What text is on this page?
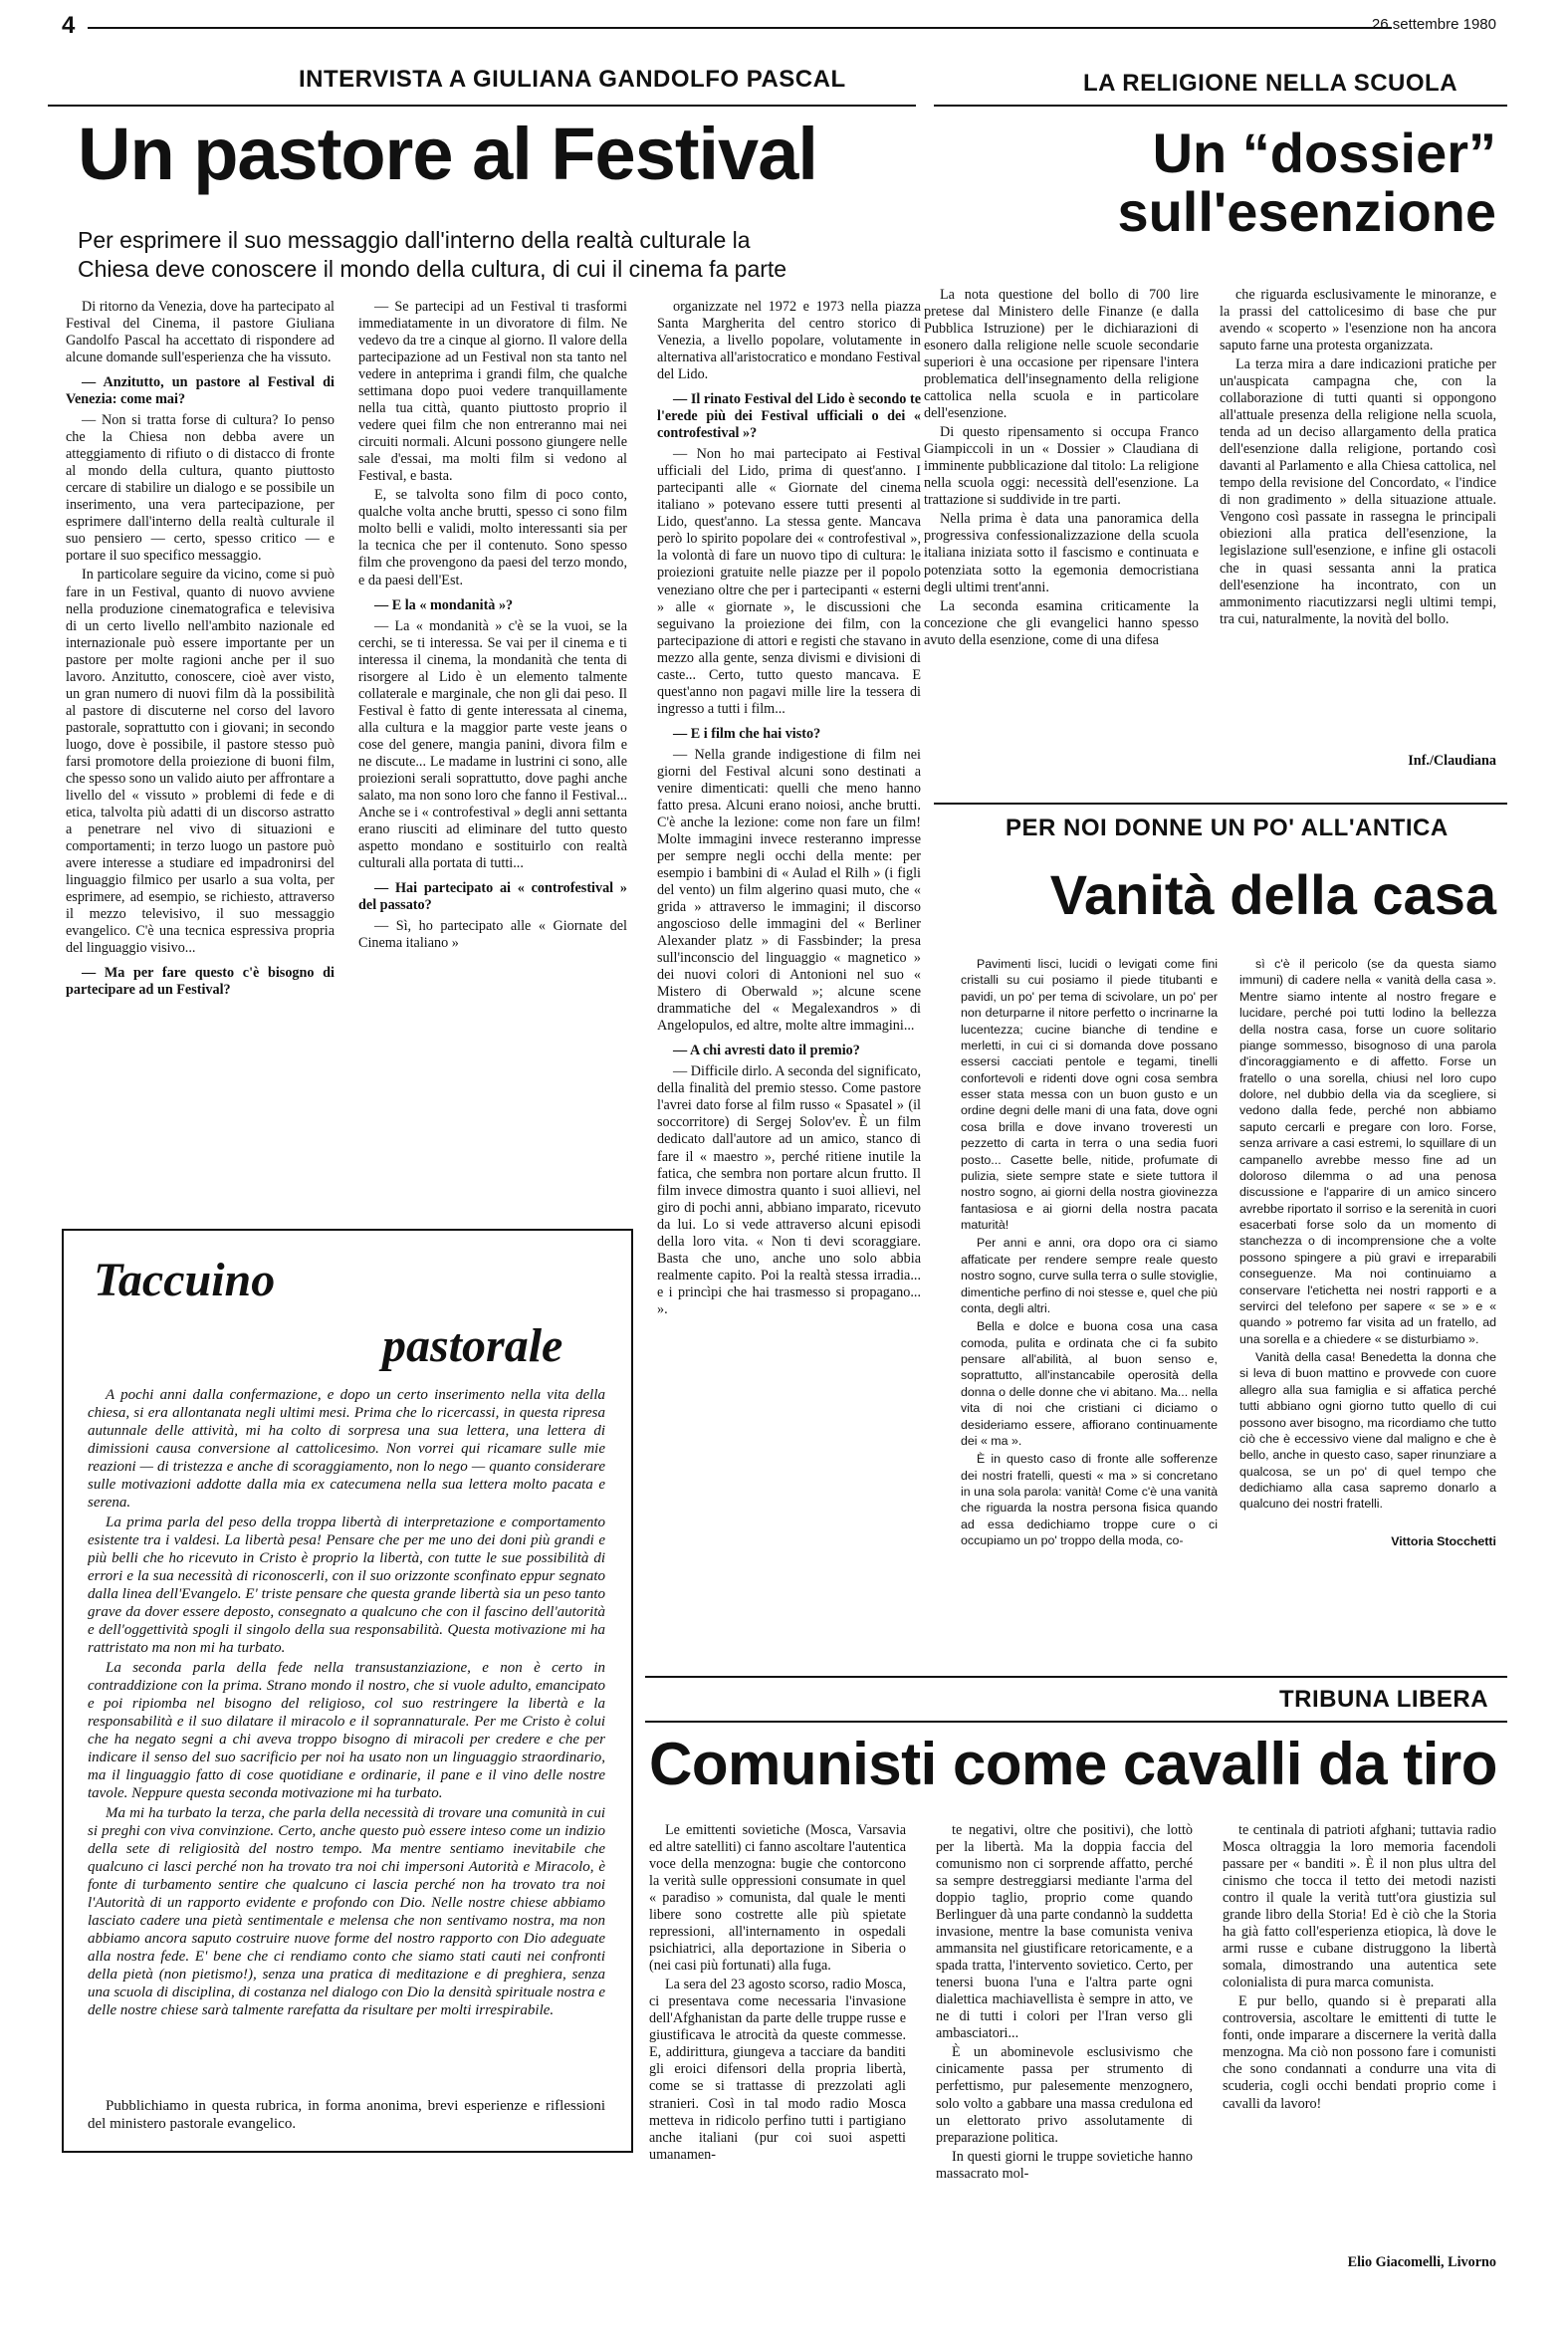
4	26 settembre 1980
INTERVISTA A GIULIANA GANDOLFO PASCAL
Un pastore al Festival
Per esprimere il suo messaggio dall'interno della realtà culturale la
Chiesa deve conoscere il mondo della cultura, di cui il cinema fa parte

Di ritorno da Venezia, dove ha partecipato al Festival del Cinema, il pastore Giuliana Gandolfo Pascal ha accettato di rispondere ad alcune domande sull'esperienza che ha vissuto.

— Anzitutto, un pastore al Festival di Venezia: come mai?

— Non si tratta forse di cultura? Io penso che la Chiesa non debba avere un atteggiamento di rifiuto o di distacco di fronte al mondo della cultura, quanto piuttosto cercare di stabilire un dialogo e se possibile un inserimento, una vera partecipazione, per esprimere dall'interno della realtà culturale il suo pensiero — certo, spesso critico — e portare il suo specifico messaggio.

In particolare seguire da vicino, come si può fare in un Festival, quanto di nuovo avviene nella produzione cinematografica e televisiva di un certo livello nell'ambito nazionale ed internazionale può essere importante per un pastore per molte ragioni anche per il suo lavoro. Anzitutto, conoscere, cioè aver visto, un gran numero di nuovi film dà la possibilità al pastore di discuterne nel corso del lavoro pastorale, soprattutto con i giovani; in secondo luogo, dove è possibile, il pastore stesso può farsi promotore della proiezione di buoni film, che spesso sono un valido aiuto per affrontare a livello del « vissuto » problemi di fede e di etica, talvolta più adatti di un discorso astratto a penetrare nel vivo di situazioni e comportamenti; in terzo luogo un pastore può avere interesse a studiare ed impadronirsi del linguaggio filmico per usarlo a sua volta, per esprimere, ad esempio, se richiesto, attraverso il mezzo televisivo, il suo messaggio evangelico. C'è una tecnica espressiva propria del linguaggio visivo...

— Ma per fare questo c'è bisogno di partecipare ad un Festival?

— Se partecipi ad un Festival ti trasformi immediatamente in un divoratore di film. Ne vedevo da tre a cinque al giorno. Il valore della partecipazione ad un Festival non sta tanto nel vedere in anteprima i grandi film, che qualche settimana dopo puoi vedere tranquillamente nella tua città, quanto piuttosto proprio il vedere quei film che non entreranno mai nei circuiti normali. Alcuni possono giungere nelle sale d'essai, ma molti film si vedono al Festival, e basta.

E, se talvolta sono film di poco conto, qualche volta anche brutti, spesso ci sono film molto belli e validi, molto interessanti sia per la tecnica che per il contenuto. Sono spesso film che provengono da paesi del terzo mondo, e da paesi dell'Est.

— E la « mondanità »?

— La « mondanità » c'è se la vuoi, se la cerchi, se ti interessa. Se vai per il cinema e ti interessa il cinema, la mondanità che tenta di risorgere al Lido è un elemento talmente collaterale e marginale, che non gli dai peso. Il Festival è fatto di gente interessata al cinema, alla cultura e la maggior parte veste jeans o cose del genere, mangia panini, divora film e ne discute... Le madame in lustrini ci sono, alle proiezioni serali soprattutto, dove paghi anche salato, ma non sono loro che fanno il Festival... Anche se i « controfestival » degli anni settanta erano riusciti ad eliminare del tutto questo aspetto mondano e sostituirlo con realtà culturali alla portata di tutti...

— Hai partecipato ai « controfestival » del passato?

— Sì, ho partecipato alle « Giornate del Cinema italiano »

organizzate nel 1972 e 1973 nella piazza Santa Margherita del centro storico di Venezia, a livello popolare, volutamente in alternativa all'aristocratico e mondano Festival del Lido.

— Il rinato Festival del Lido è secondo te l'erede più dei Festival ufficiali o dei « controfestival »?

— Non ho mai partecipato ai Festival ufficiali del Lido, prima di quest'anno. I partecipanti alle « Giornate del cinema italiano » potevano essere tutti presenti al Lido, quest'anno. La stessa gente. Mancava però lo spirito popolare dei « controfestival », la volontà di fare un nuovo tipo di cultura: le proiezioni gratuite nelle piazze per il popolo veneziano oltre che per i partecipanti « esterni » alle « giornate », le discussioni che seguivano la proiezione dei film, con la partecipazione di attori e registi che stavano in mezzo alla gente, senza divismi e divisioni di caste... Certo, tutto questo mancava. E quest'anno non pagavi mille lire la tessera di ingresso a tutti i film...

— E i film che hai visto?

— Nella grande indigestione di film nei giorni del Festival alcuni sono destinati a venire dimenticati: quelli che meno hanno fatto presa. Alcuni erano noiosi, anche brutti. C'è anche la lezione: come non fare un film! Molte immagini invece resteranno impresse per sempre negli occhi della mente: per esempio i bambini di « Aulad el Rilh » (i figli del vento) un film algerino quasi muto, che « grida » attraverso le immagini; il discorso angoscioso delle immagini del « Berliner Alexander platz » di Fassbinder; la presa sull'inconscio del linguaggio « magnetico » dei nuovi colori di Antonioni nel suo « Mistero di Oberwald »; alcune scene drammatiche del « Megalexandros » di Angelopulos, ed altre, molte altre immagini...

— A chi avresti dato il premio?

— Difficile dirlo. A seconda del significato, della finalità del premio stesso. Come pastore l'avrei dato forse al film russo « Spasatel » (il soccorritore) di Sergej Solov'ev. È un film dedicato dall'autore ad un amico, stanco di fare il « maestro », perché ritiene inutile la fatica, che sembra non portare alcun frutto. Il film invece dimostra quanto i suoi allievi, nel giro di pochi anni, abbiano imparato, ricevuto da lui. Lo si vede attraverso alcuni episodi della loro vita. « Non ti devi scoraggiare. Basta che uno, anche uno solo abbia realmente capito. Poi la realtà stessa irradia... e i princìpi che hai trasmesso si propagano... ».

Taccuino
pastorale

A pochi anni dalla confermazione, e dopo un certo inserimento nella vita della chiesa, si era allontanata negli ultimi mesi. Prima che lo ricercassi, in questa ripresa autunnale delle attività, mi ha colto di sorpresa una sua lettera, una lettera di dimissioni causa conversione al cattolicesimo. Non vorrei qui ricamare sulle mie reazioni — di tristezza e anche di scoraggiamento, non lo nego — quanto considerare sulle motivazioni addotte dalla mia ex catecumena nella sua lettera molto pacata e serena.

La prima parla del peso della troppa libertà di interpretazione e comportamento esistente tra i valdesi. La libertà pesa! Pensare che per me uno dei doni più grandi e più belli che ho ricevuto in Cristo è proprio la libertà, con tutte le sue possibilità di errori e la sua necessità di riconoscerli, con il suo orizzonte sconfinato eppur segnato dalla linea dell'Evangelo. E' triste pensare che questa grande libertà sia un peso tanto grave da dover essere deposto, consegnato a qualcuno che con il fascino dell'autorità e dell'oggettività spogli il singolo della sua responsabilità. Questa motivazione mi ha rattristato ma non mi ha turbato.

La seconda parla della fede nella transustanziazione, e non è certo in contraddizione con la prima. Strano mondo il nostro, che si vuole adulto, emancipato e poi ripiomba nel bisogno del religioso, col suo restringere la libertà e la responsabilità e il suo dilatare il miracolo e il soprannaturale. Per me Cristo è colui che ha negato segni a chi aveva troppo bisogno di miracoli per credere e che per indicare il senso del suo sacrificio per noi ha usato non un linguaggio straordinario, ma il linguaggio fatto di cose quotidiane e ordinarie, il pane e il vino delle nostre tavole. Neppure questa seconda motivazione mi ha turbato.

Ma mi ha turbato la terza, che parla della necessità di trovare una comunità in cui si preghi con viva convinzione. Certo, anche questo può essere inteso come un indizio della sete di religiosità del nostro tempo. Ma mentre sentiamo inevitabile che qualcuno ci lasci perché non ha trovato tra noi chi impersoni Autorità e Miracolo, è fonte di turbamento sentire che qualcuno ci lascia perché non ha trovato tra noi l'Autorità di un rapporto evidente e profondo con Dio. Nelle nostre chiese abbiamo lasciato cadere una pietà sentimentale e melensa che non sentivamo nostra, ma non abbiamo ancora saputo costruire nuove forme del nostro rapporto con Dio adeguate alla nostra fede. E' bene che ci rendiamo conto che siamo stati cauti nei confronti della pietà (non pietismo!), senza una pratica di meditazione e di preghiera, senza una scuola di disciplina, di costanza nel dialogo con Dio la densità spirituale nostra e delle nostre chiese sarà talmente rarefatta da risultare per molti irrespirabile.

Pubblichiamo in questa rubrica, in forma anonima, brevi esperienze e riflessioni del ministero pastorale evangelico.
LA RELIGIONE NELLA SCUOLA
Un “dossier”
sull'esenzione

La nota questione del bollo di 700 lire pretese dal Ministero delle Finanze (e dalla Pubblica Istruzione) per le dichiarazioni di esonero dalla religione nelle scuole secondarie superiori è una occasione per ripensare l'intera problematica dell'insegnamento della religione cattolica nella scuola e in particolare dell'esenzione.

Di questo ripensamento si occupa Franco Giampiccoli in un « Dossier » Claudiana di imminente pubblicazione dal titolo: La religione nella scuola oggi: necessità dell'esenzione. La trattazione si suddivide in tre parti.

Nella prima è data una panoramica della progressiva confessionalizzazione della scuola italiana iniziata sotto il fascismo e continuata e potenziata sotto la egemonia democristiana degli ultimi trent'anni.

La seconda esamina criticamente la concezione che gli evangelici hanno spesso avuto della esenzione, come di una difesa

che riguarda esclusivamente le minoranze, e la prassi del cattolicesimo di base che pur avendo « scoperto » l'esenzione non ha ancora saputo farne una protesta organizzata.

La terza mira a dare indicazioni pratiche per un'auspicata campagna che, con la collaborazione di tutti quanti si oppongono all'attuale presenza della religione nella scuola, tenda ad un deciso allargamento della pratica dell'esenzione dalla religione, portando così davanti al Parlamento e alla Chiesa cattolica, nel tempo della revisione del Concordato, « l'indice di non gradimento » della situazione attuale. Vengono così passate in rassegna le principali obiezioni alla pratica dell'esenzione, la legislazione sull'esenzione, e infine gli ostacoli che in quasi sessanta anni la pratica dell'esenzione ha incontrato, con un ammonimento riacutizzarsi negli ultimi tempi, tra cui, naturalmente, la novità del bollo.

Inf./Claudiana

PER NOI DONNE UN PO' ALL'ANTICA
Vanità della casa

Pavimenti lisci, lucidi o levigati come fini cristalli su cui posiamo il piede titubanti e pavidi, un po' per tema di scivolare, un po' per non deturparne il nitore perfetto o incrinarne la lucentezza; cucine bianche di tendine e merletti, in cui ci si domanda dove possano essersi cacciati pentole e tegami, tinelli confortevoli e ridenti dove ogni cosa sembra esser stata messa con un buon gusto e un ordine degni delle mani di una fata, dove ogni cosa brilla e dove invano troveresti un pezzetto di carta in terra o una sedia fuori posto... Casette belle, nitide, profumate di pulizia, siete sempre state e siete tuttora il nostro sogno, ai giorni della nostra giovinezza fantasiosa e ai giorni della nostra pacata maturità!

Per anni e anni, ora dopo ora ci siamo affaticate per rendere sempre reale questo nostro sogno, curve sulla terra o sulle stoviglie, dimentiche perfino di noi stesse e, quel che più conta, degli altri.

Bella e dolce e buona cosa una casa comoda, pulita e ordinata che ci fa subito pensare all'abilità, al buon senso e, soprattutto, all'instancabile operosità della donna o delle donne che vi abitano. Ma... nella vita di noi che cristiani ci diciamo o desideriamo essere, affiorano continuamente dei « ma ».

È in questo caso di fronte alle sofferenze dei nostri fratelli, questi « ma » si concretano in una sola parola: vanità! Come c'è una vanità che riguarda la nostra persona fisica quando ad essa dedichiamo troppe cure o ci occupiamo un po' troppo della moda, co-

sì c'è il pericolo (se da questa siamo immuni) di cadere nella « vanità della casa ». Mentre siamo intente al nostro fregare e lucidare, perché poi tutti lodino la bellezza della nostra casa, forse un cuore solitario piange sommesso, bisognoso di una parola d'incoraggiamento e di affetto. Forse un fratello o una sorella, chiusi nel loro cupo dolore, nel dubbio della via da scegliere, si vedono dalla fede, perché non abbiamo saputo cercarli e pregare con loro. Forse, senza arrivare a casi estremi, lo squillare di un campanello avrebbe messo fine ad un doloroso dilemma o ad una penosa discussione e l'apparire di un amico sincero avrebbe riportato il sorriso e la serenità in cuori esacerbati forse solo da un momento di stanchezza o di incomprensione che a volte possono spingere a più gravi e irreparabili conseguenze. Ma noi continuiamo a conservare l'etichetta nei nostri rapporti e a servirci del telefono per sapere « se » e « quando » potremo far visita ad un fratello, ad una sorella e a chiedere « se disturbiamo ».

Vanità della casa! Benedetta la donna che si leva di buon mattino e provvede con cuore allegro alla sua famiglia e si affatica perché tutti abbiano ogni giorno tutto quello di cui possono aver bisogno, ma ricordiamo che tutto ciò che è eccessivo viene dal maligno e che è bello, anche in questo caso, saper rinunziare a qualcosa, se un po' di quel tempo che dedichiamo alla casa sapremo donarlo a qualcuno dei nostri fratelli.

Vittoria Stocchetti

TRIBUNA LIBERA
Comunisti come cavalli da tiro

Le emittenti sovietiche (Mosca, Varsavia ed altre satelliti) ci fanno ascoltare l'autentica voce della menzogna: bugie che contorcono la verità sulle oppressioni consumate in quel « paradiso » comunista, dal quale le menti libere sono costrette alle più spietate repressioni, all'internamento in ospedali psichiatrici, alla deportazione in Siberia o (nei casi più fortunati) alla fuga.

La sera del 23 agosto scorso, radio Mosca, ci presentava come necessaria l'invasione dell'Afghanistan da parte delle truppe russe e giustificava le atrocità da queste commesse. E, addirittura, giungeva a tacciare da banditi gli eroici difensori della propria libertà, come se si trattasse di prezzolati agli stranieri. Così in tal modo radio Mosca metteva in ridicolo perfino tutti i partigiano anche italiani (pur coi suoi aspetti umanamen-

te negativi, oltre che positivi), che lottò per la libertà. Ma la doppia faccia del comunismo non ci sorprende affatto, perché sa sempre destreggiarsi mediante l'arma del doppio taglio, proprio come quando Berlinguer dà una parte condannò la suddetta invasione, mentre la base comunista veniva ammansita nel giustificare retoricamente, e a spada tratta, l'intervento sovietico. Certo, per tenersi buona l'una e l'altra parte ogni dialettica machiavellista è sempre in atto, ve ne di tutti i colori per l'Iran verso gli ambasciatori...

È un abominevole esclusivismo che cinicamente passa per strumento di perfettismo, pur palesemente menzognero, solo volto a gabbare una massa credulona ed un elettorato privo assolutamente di preparazione politica.

In questi giorni le truppe sovietiche hanno massacrato mol-

te centinala di patrioti afghani; tuttavia radio Mosca oltraggia la loro memoria facendoli passare per « banditi ». È il non plus ultra del cinismo che tocca il tetto dei metodi nazisti contro il quale la verità tutt'ora giustizia sul grande libro della Storia! Ed è ciò che la Storia ha già fatto coll'esperienza etiopica, là dove le armi russe e cubane distruggono la libertà somala, dimostrando una autentica sete colonialista di pura marca comunista.

E pur bello, quando si è preparati alla controversia, ascoltare le emittenti di tutte le fonti, onde imparare a discernere la verità dalla menzogna. Ma ciò non possono fare i comunisti che sono condannati a condurre una vita di scuderia, cogli occhi bendati proprio come i cavalli da lavoro!

Elio Giacomelli, Livorno
